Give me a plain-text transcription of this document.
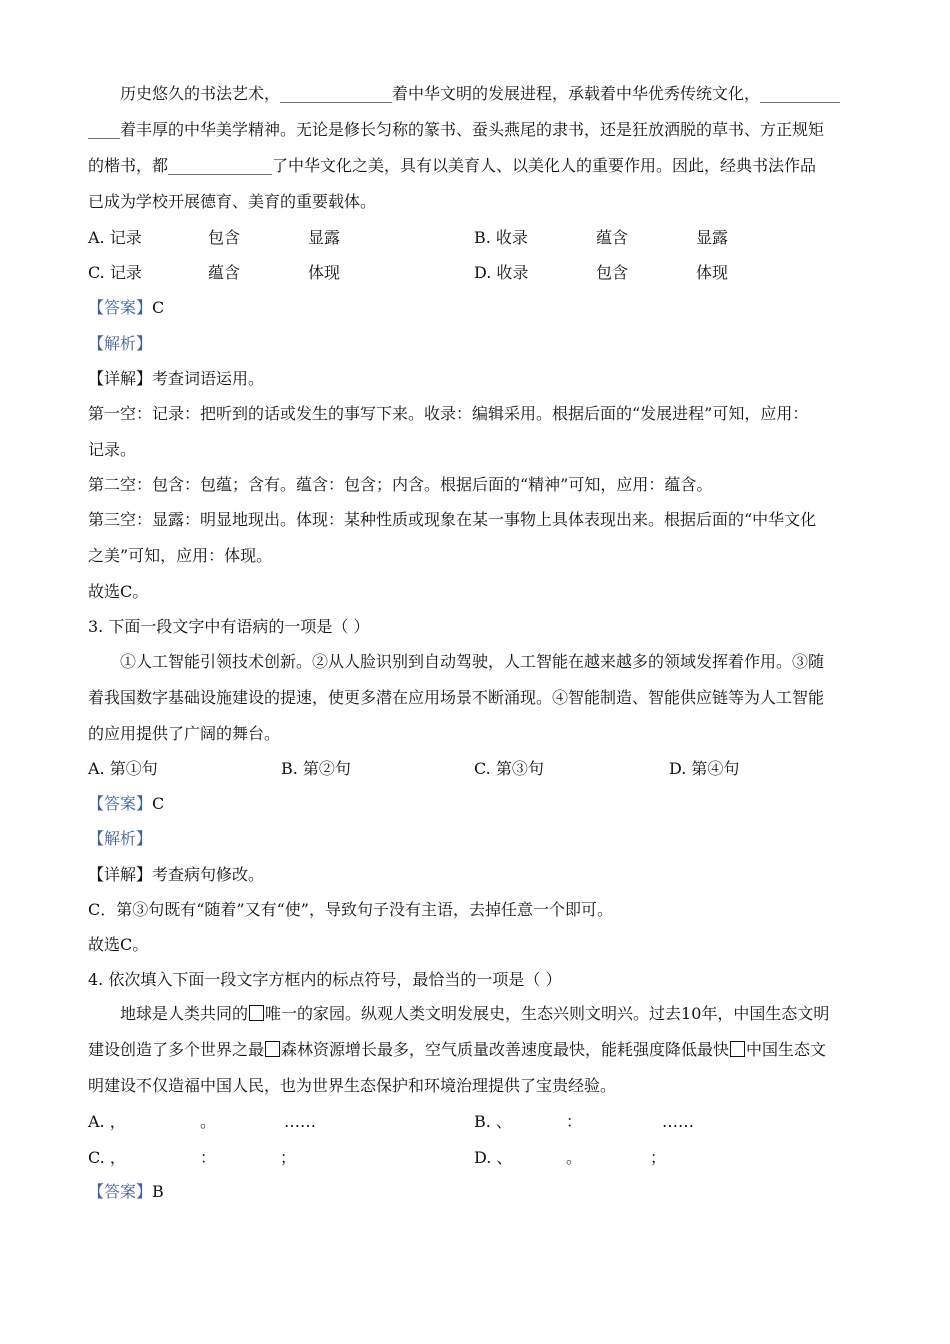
历史悠久的书法艺术，______________着中华文明的发展进程，承载着中华优秀传统文化，__________
____着丰厚的中华美学精神。无论是修长匀称的篆书、蚕头燕尾的隶书，还是狂放洒脱的草书、方正规矩
的楷书，都_____________了中华文化之美，具有以美育人、以美化人的重要作用。因此，经典书法作品
已成为学校开展德育、美育的重要载体。
A. 记录	包含	显露	B. 收录	蕴含	显露
C. 记录	蕴含	体现	D. 收录	包含	体现
【答案】C
【解析】
【详解】考查词语运用。
第一空：记录：把听到的话或发生的事写下来。收录：编辑采用。根据后面的“发展进程”可知，应用：
记录。
第二空：包含：包蕴；含有。蕴含：包含；内含。根据后面的“精神”可知，应用：蕴含。
第三空：显露：明显地现出。体现：某种性质或现象在某一事物上具体表现出来。根据后面的“中华文化
之美”可知，应用：体现。
故选C。
3. 下面一段文字中有语病的一项是（ ）
①人工智能引领技术创新。②从人脸识别到自动驾驶，人工智能在越来越多的领域发挥着作用。③随
着我国数字基础设施建设的提速，使更多潜在应用场景不断涌现。④智能制造、智能供应链等为人工智能
的应用提供了广阔的舞台。
A. 第①句	B. 第②句	C. 第③句	D. 第④句
【答案】C
【解析】
【详解】考查病句修改。
C．第③句既有“随着”又有“使”，导致句子没有主语，去掉任意一个即可。
故选C。
4. 依次填入下面一段文字方框内的标点符号，最恰当的一项是（ ）
地球是人类共同的 唯一的家园。纵观人类文明发展史，生态兴则文明兴。过去10年，中国生态文明
建设创造了多个世界之最 森林资源增长最多，空气质量改善速度最快，能耗强度降低最快 中国生态文
明建设不仅造福中国人民，也为世界生态保护和环境治理提供了宝贵经验。
A. ，	。	……	B. 、	：	……
C. ，	：	；	D. 、	。	；
【答案】B
